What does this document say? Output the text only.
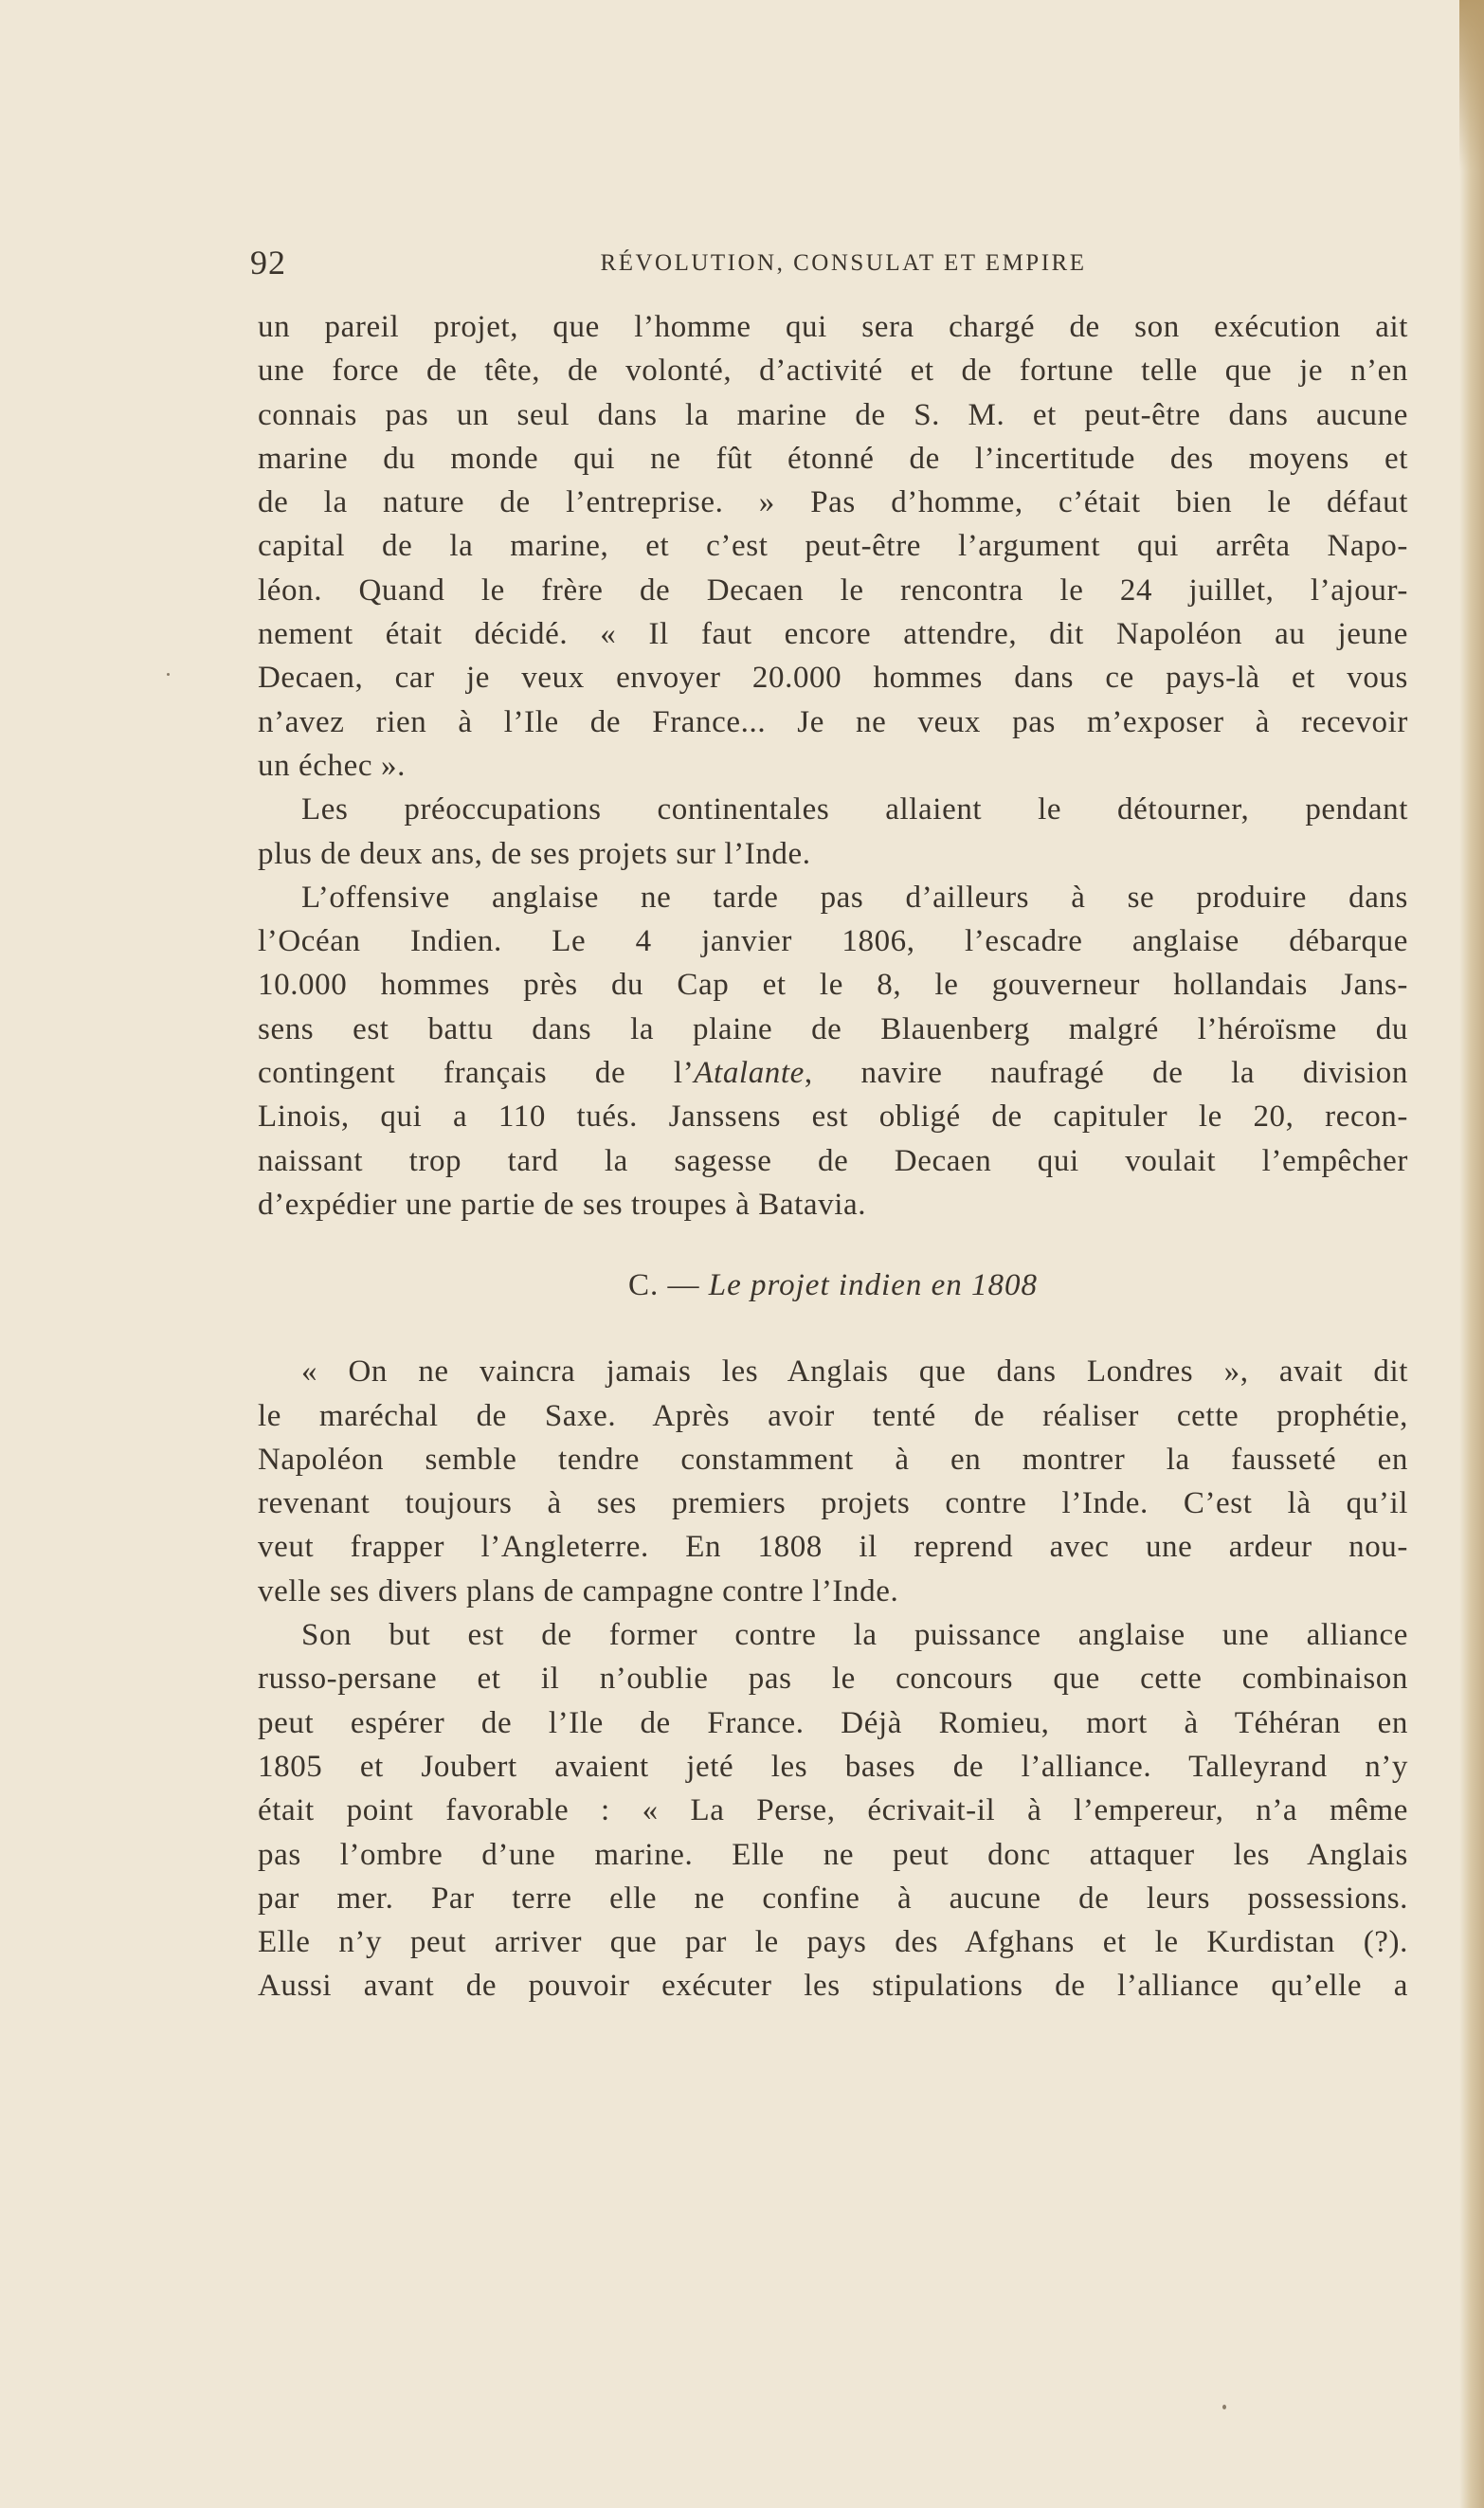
92	RÉVOLUTION, CONSULAT ET EMPIRE
un pareil projet, que l’homme qui sera chargé de son exécution ait
une force de tête, de volonté, d’activité et de fortune telle que je n’en
connais pas un seul dans la marine de S. M. et peut-être dans aucune
marine du monde qui ne fût étonné de l’incertitude des moyens et
de la nature de l’entreprise. » Pas d’homme, c’était bien le défaut
capital de la marine, et c’est peut-être l’argument qui arrêta Napo-
léon. Quand le frère de Decaen le rencontra le 24 juillet, l’ajour-
nement était décidé. « Il faut encore attendre, dit Napoléon au jeune
Decaen, car je veux envoyer 20.000 hommes dans ce pays-là et vous
n’avez rien à l’Ile de France... Je ne veux pas m’exposer à recevoir
un échec ».
Les préoccupations continentales allaient le détourner, pendant
plus de deux ans, de ses projets sur l’Inde.
L’offensive anglaise ne tarde pas d’ailleurs à se produire dans
l’Océan Indien. Le 4 janvier 1806, l’escadre anglaise débarque
10.000 hommes près du Cap et le 8, le gouverneur hollandais Jans-
sens est battu dans la plaine de Blauenberg malgré l’héroïsme du
contingent français de l’Atalante, navire naufragé de la division
Linois, qui a 110 tués. Janssens est obligé de capituler le 20, recon-
naissant trop tard la sagesse de Decaen qui voulait l’empêcher
d’expédier une partie de ses troupes à Batavia.
C. — Le projet indien en 1808
« On ne vaincra jamais les Anglais que dans Londres », avait dit
le maréchal de Saxe. Après avoir tenté de réaliser cette prophétie,
Napoléon semble tendre constamment à en montrer la fausseté en
revenant toujours à ses premiers projets contre l’Inde. C’est là qu’il
veut frapper l’Angleterre. En 1808 il reprend avec une ardeur nou-
velle ses divers plans de campagne contre l’Inde.
Son but est de former contre la puissance anglaise une alliance
russo-persane et il n’oublie pas le concours que cette combinaison
peut espérer de l’Ile de France. Déjà Romieu, mort à Téhéran en
1805 et Joubert avaient jeté les bases de l’alliance. Talleyrand n’y
était point favorable : « La Perse, écrivait-il à l’empereur, n’a même
pas l’ombre d’une marine. Elle ne peut donc attaquer les Anglais
par mer. Par terre elle ne confine à aucune de leurs possessions.
Elle n’y peut arriver que par le pays des Afghans et le Kurdistan (?).
Aussi avant de pouvoir exécuter les stipulations de l’alliance qu’elle a
